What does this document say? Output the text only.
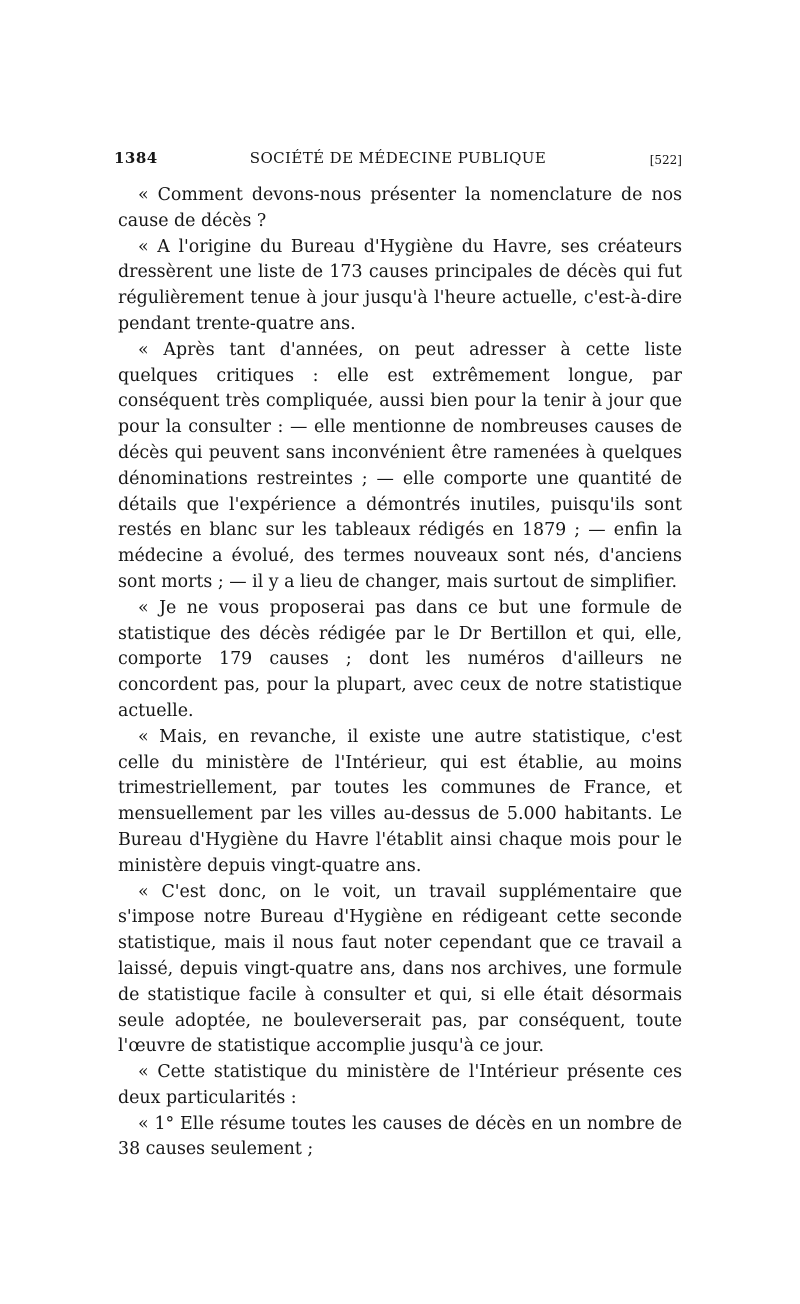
1384	SOCIÉTÉ DE MÉDECINE PUBLIQUE	[522]

« Comment devons-nous présenter la nomenclature de nos cause de décès ?

« A l'origine du Bureau d'Hygiène du Havre, ses créateurs dressèrent une liste de 173 causes principales de décès qui fut régulièrement tenue à jour jusqu'à l'heure actuelle, c'est-à-dire pendant trente-quatre ans.

« Après tant d'années, on peut adresser à cette liste quelques critiques : elle est extrêmement longue, par conséquent très compliquée, aussi bien pour la tenir à jour que pour la consulter : — elle mentionne de nombreuses causes de décès qui peuvent sans inconvénient être ramenées à quelques dénominations restreintes ; — elle comporte une quantité de détails que l'expérience a démontrés inutiles, puisqu'ils sont restés en blanc sur les tableaux rédigés en 1879 ; — enfin la médecine a évolué, des termes nouveaux sont nés, d'anciens sont morts ; — il y a lieu de changer, mais surtout de simplifier.

« Je ne vous proposerai pas dans ce but une formule de statistique des décès rédigée par le Dr Bertillon et qui, elle, comporte 179 causes ; dont les numéros d'ailleurs ne concordent pas, pour la plupart, avec ceux de notre statistique actuelle.

« Mais, en revanche, il existe une autre statistique, c'est celle du ministère de l'Intérieur, qui est établie, au moins trimestriellement, par toutes les communes de France, et mensuellement par les villes au-dessus de 5.000 habitants. Le Bureau d'Hygiène du Havre l'établit ainsi chaque mois pour le ministère depuis vingt-quatre ans.

« C'est donc, on le voit, un travail supplémentaire que s'impose notre Bureau d'Hygiène en rédigeant cette seconde statistique, mais il nous faut noter cependant que ce travail a laissé, depuis vingt-quatre ans, dans nos archives, une formule de statistique facile à consulter et qui, si elle était désormais seule adoptée, ne bouleverserait pas, par conséquent, toute l'œuvre de statistique accomplie jusqu'à ce jour.

« Cette statistique du ministère de l'Intérieur présente ces deux particularités :

« 1° Elle résume toutes les causes de décès en un nombre de 38 causes seulement ;
